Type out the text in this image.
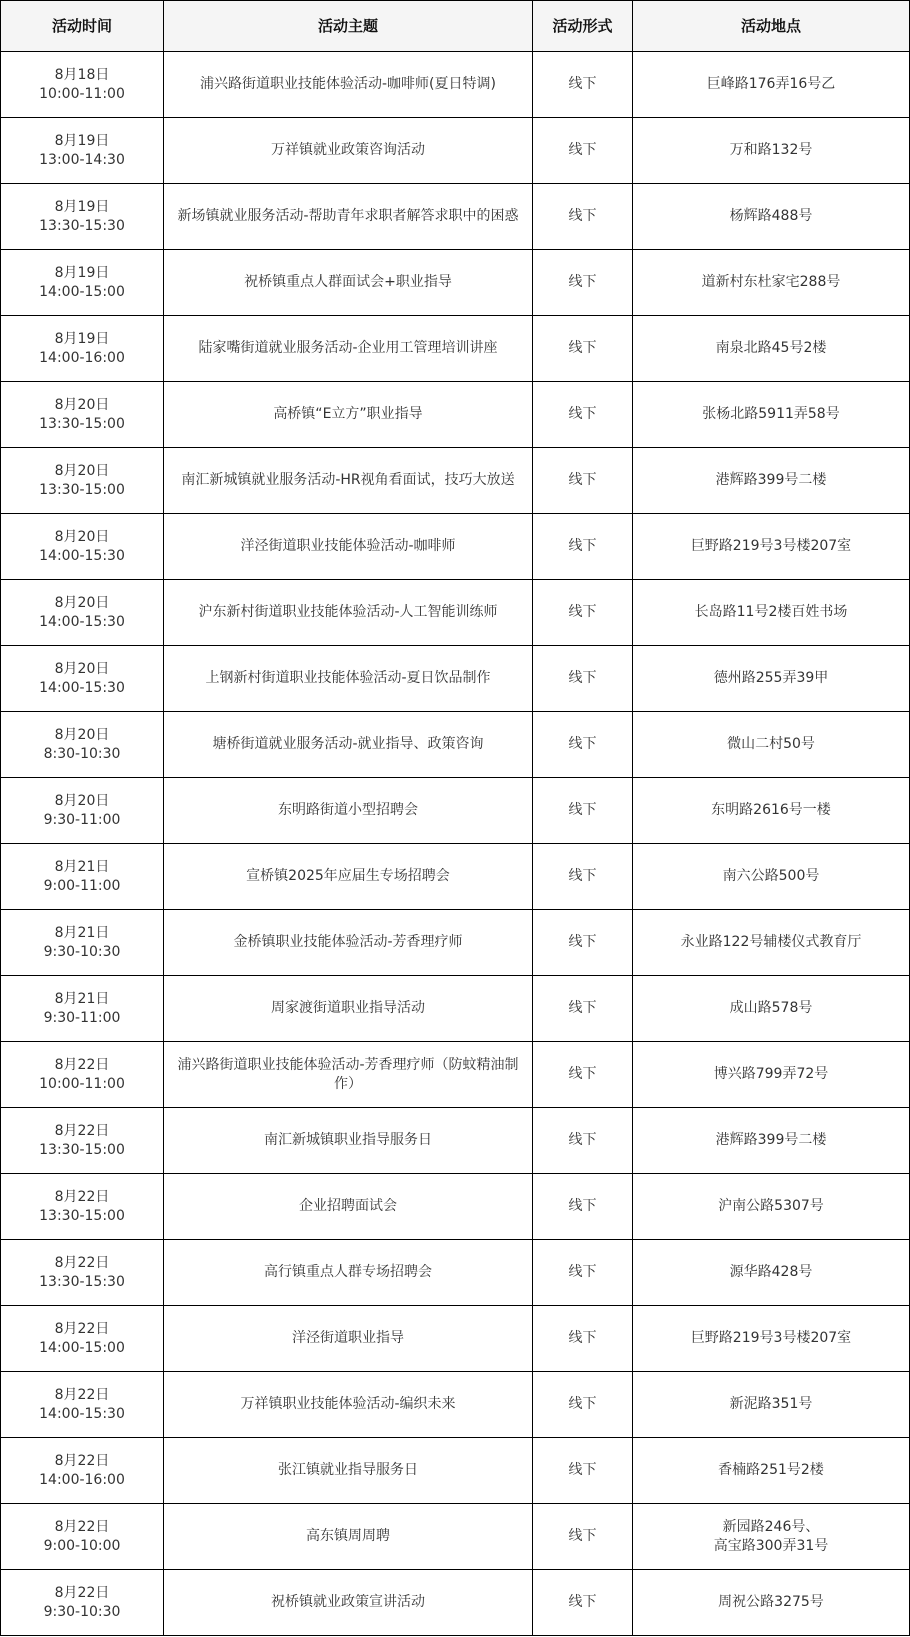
活动时间	活动主题	活动形式	活动地点

8月18日
10:00-11:00	浦兴路街道职业技能体验活动-咖啡师(夏日特调)	线下	巨峰路176弄16号乙

8月19日
13:00-14:30	万祥镇就业政策咨询活动	线下	万和路132号

8月19日
13:30-15:30	新场镇就业服务活动-帮助青年求职者解答求职中的困惑	线下	杨辉路488号

8月19日
14:00-15:00	祝桥镇重点人群面试会+职业指导	线下	道新村东杜家宅288号

8月19日
14:00-16:00	陆家嘴街道就业服务活动-企业用工管理培训讲座	线下	南泉北路45号2楼

8月20日
13:30-15:00	高桥镇“E立方”职业指导	线下	张杨北路5911弄58号

8月20日
13:30-15:00	南汇新城镇就业服务活动-HR视角看面试，技巧大放送	线下	港辉路399号二楼

8月20日
14:00-15:30	洋泾街道职业技能体验活动-咖啡师	线下	巨野路219号3号楼207室

8月20日
14:00-15:30	沪东新村街道职业技能体验活动-人工智能训练师	线下	长岛路11号2楼百姓书场

8月20日
14:00-15:30	上钢新村街道职业技能体验活动-夏日饮品制作	线下	德州路255弄39甲

8月20日
8:30-10:30	塘桥街道就业服务活动-就业指导、政策咨询	线下	微山二村50号

8月20日
9:30-11:00	东明路街道小型招聘会	线下	东明路2616号一楼

8月21日
9:00-11:00	宣桥镇2025年应届生专场招聘会	线下	南六公路500号

8月21日
9:30-10:30	金桥镇职业技能体验活动-芳香理疗师	线下	永业路122号辅楼仪式教育厅

8月21日
9:30-11:00	周家渡街道职业指导活动	线下	成山路578号

8月22日
10:00-11:00	浦兴路街道职业技能体验活动-芳香理疗师（防蚊精油制作）	线下	博兴路799弄72号

8月22日
13:30-15:00	南汇新城镇职业指导服务日	线下	港辉路399号二楼

8月22日
13:30-15:00	企业招聘面试会	线下	沪南公路5307号

8月22日
13:30-15:30	高行镇重点人群专场招聘会	线下	源华路428号

8月22日
14:00-15:00	洋泾街道职业指导	线下	巨野路219号3号楼207室

8月22日
14:00-15:30	万祥镇职业技能体验活动-编织未来	线下	新泥路351号

8月22日
14:00-16:00	张江镇就业指导服务日	线下	香楠路251号2楼

8月22日
9:00-10:00	高东镇周周聘	线下	新园路246号、
高宝路300弄31号

8月22日
9:30-10:30	祝桥镇就业政策宣讲活动	线下	周祝公路3275号
